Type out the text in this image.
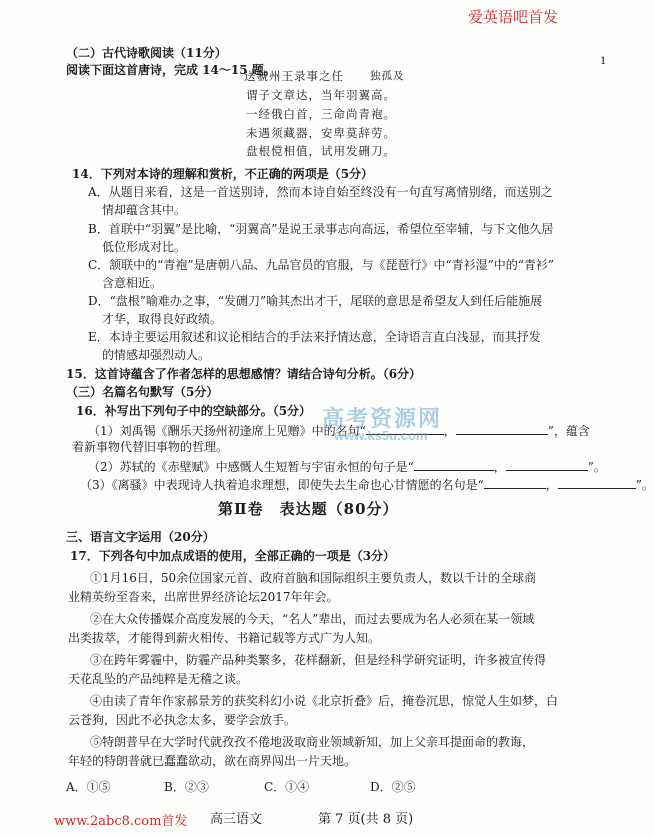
爱英语吧首发
1
（二）古代诗歌阅读（11分）
阅读下面这首唐诗，完成 14～15 题。
送虢州王录事之任 独孤及
谓子文章达，当年羽翼高。
一经俄白首，三命尚青袍。
未遇须藏器，安卑莫辞劳。
盘根傥相值，试用发硎刀。
14．下列对本诗的理解和赏析，不正确的两项是（5分）
A．从题目来看，这是一首送别诗，然而本诗自始至终没有一句直写离情别绪，而送别之
情却蕴含其中。
B．首联中“羽翼”是比喻，“羽翼高”是说王录事志向高远，希望位至宰辅，与下文他久居
低位形成对比。
C．颔联中的“青袍”是唐朝八品、九品官员的官服，与《琵琶行》中“青衫湿”中的“青衫”
含意相近。
D．“盘根”喻难办之事，“发硎刀”喻其杰出才干，尾联的意思是希望友人到任后能施展
才华，取得良好政绩。
E．本诗主要运用叙述和议论相结合的手法来抒情达意，全诗语言直白浅显，而其抒发
的情感却强烈动人。
15．这首诗蕴含了作者怎样的思想感情？请结合诗句分析。（6分）
（三）名篇名句默写（5分）
16．补写出下列句子中的空缺部分。（5分）
（1）刘禹锡《酬乐天扬州初逢席上见赠》中的名句“	，	”，蕴含
着新事物代替旧事物的哲理。
（2）苏轼的《赤壁赋》中感慨人生短暂与宇宙永恒的句子是“	，	”。
（3）《离骚》中表现诗人执着追求理想，即使失去生命也心甘情愿的名句是“	，	”。
高考资源网
www.ks5u.com
第Ⅱ卷　表达题（80分）
三、语言文字运用（20分）
17．下列各句中加点成语的使用，全部正确的一项是（3分）
①1月16日，50余位国家元首、政府首脑和国际组织主要负责人，数以千计的全球商
业精英纷至沓来，出席世界经济论坛2017年年会。
②在大众传播媒介高度发展的今天，“名人”辈出，而过去要成为名人必须在某一领域
出类拔萃，才能得到薪火相传、书籍记载等方式广为人知。
③在跨年雾霾中，防霾产品种类繁多，花样翻新，但是经科学研究证明，许多被宣传得
天花乱坠的产品纯粹是无稽之谈。
④由读了青年作家郝景芳的获奖科幻小说《北京折叠》后，掩卷沉思，惊觉人生如梦，白
云苍狗，因此不必执念太多，要学会放手。
⑤特朗普早在大学时代就孜孜不倦地汲取商业领域新知，加上父亲耳提面命的教诲，
年轻的特朗普就已蠢蠢欲动，欲在商界闯出一片天地。
A．①⑤	B．②③	C．①④	D．②⑤
www.2abc8.com首发 高三语文	第 7 页(共 8 页)
